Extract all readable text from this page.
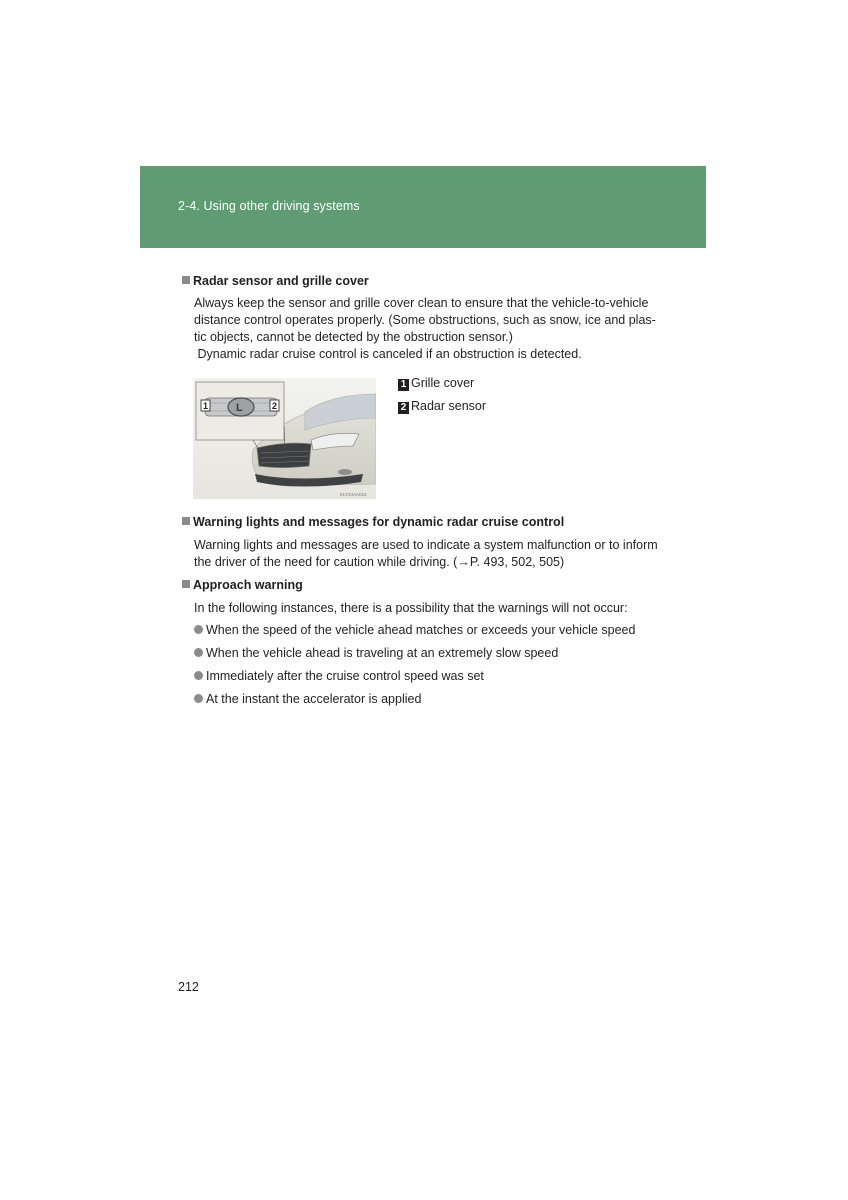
2-4. Using other driving systems
Radar sensor and grille cover
Always keep the sensor and grille cover clean to ensure that the vehicle-to-vehicle
distance control operates properly. (Some obstructions, such as snow, ice and plas-
tic objects, cannot be detected by the obstruction sensor.)
Dynamic radar cruise control is canceled if an obstruction is detected.
L
1	2
ELY24AA014
1 Grille cover
2 Radar sensor
Warning lights and messages for dynamic radar cruise control
Warning lights and messages are used to indicate a system malfunction or to inform
the driver of the need for caution while driving. (→P. 493, 502, 505)
Approach warning
In the following instances, there is a possibility that the warnings will not occur:
When the speed of the vehicle ahead matches or exceeds your vehicle speed
When the vehicle ahead is traveling at an extremely slow speed
Immediately after the cruise control speed was set
At the instant the accelerator is applied
212
